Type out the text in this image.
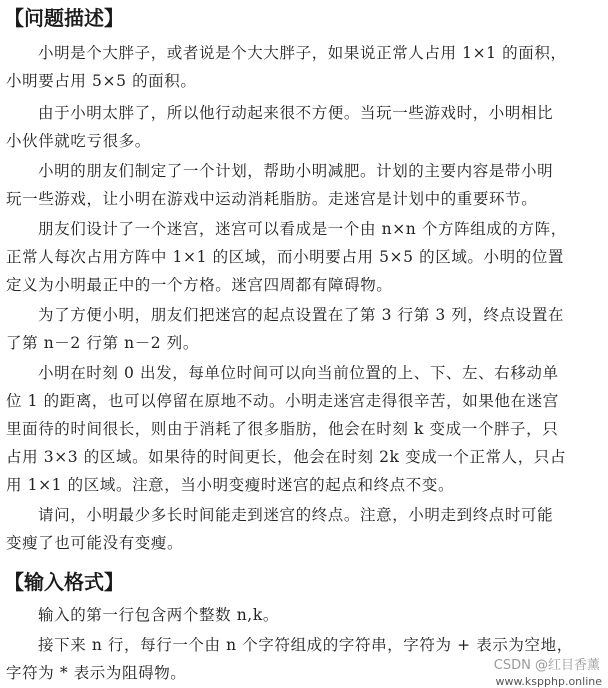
【问题描述】
小明是个大胖子，或者说是个大大胖子，如果说正常人占用 1×1 的面积，
小明要占用 5×5 的面积。
由于小明太胖了，所以他行动起来很不方便。当玩一些游戏时，小明相比
小伙伴就吃亏很多。
小明的朋友们制定了一个计划，帮助小明减肥。计划的主要内容是带小明
玩一些游戏，让小明在游戏中运动消耗脂肪。走迷宫是计划中的重要环节。
朋友们设计了一个迷宫，迷宫可以看成是一个由 n×n 个方阵组成的方阵，
正常人每次占用方阵中 1×1 的区域，而小明要占用 5×5 的区域。小明的位置
定义为小明最正中的一个方格。迷宫四周都有障碍物。
为了方便小明，朋友们把迷宫的起点设置在了第 3 行第 3 列，终点设置在
了第 n－2 行第 n－2 列。
小明在时刻 0 出发，每单位时间可以向当前位置的上、下、左、右移动单
位 1 的距离，也可以停留在原地不动。小明走迷宫走得很辛苦，如果他在迷宫
里面待的时间很长，则由于消耗了很多脂肪，他会在时刻 k 变成一个胖子，只
占用 3×3 的区域。如果待的时间更长，他会在时刻 2k 变成一个正常人，只占
用 1×1 的区域。注意，当小明变瘦时迷宫的起点和终点不变。
请问，小明最少多长时间能走到迷宫的终点。注意，小明走到终点时可能
变瘦了也可能没有变瘦。
【输入格式】
输入的第一行包含两个整数 n,k。
接下来 n 行，每行一个由 n 个字符组成的字符串，字符为 + 表示为空地，
字符为 * 表示为阻碍物。	CSDN @红目香薰
www.kspphp.online
